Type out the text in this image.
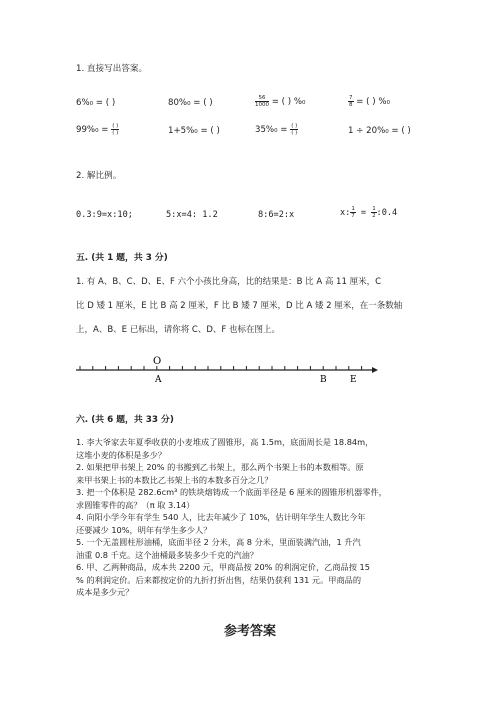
1. 直接写出答案。
6%₀ = ( )	80%₀ = ( )	$\frac{56}{1000}$ = ( ) %₀	$\frac{7}{8}$ = ( ) %₀
$99\%_0 = \frac{( )}{( )}$	1+5%₀ = ( )	$35\%_0 = \frac{( )}{( )}$	1 ÷ 20%₀ = ( )
2. 解比例。
0.3:9=x:10;	5:x=4: 1.2	8:6=2:x	x: $\frac{1}{7} = \frac{1}{2}$ :0.4
五. (共 1 题，共 3 分)
1. 有 A、B、C、D、E、F 六个小孩比身高，比的结果是：B 比 A 高 11 厘米，C
比 D 矮 1 厘米，E 比 B 高 2 厘米，F 比 B 矮 7 厘米，D 比 A 矮 2 厘米，在一条数轴
上，A、B、E 已标出，请你将 C、D、F 也标在图上。
O
A	B	E
六. (共 6 题，共 33 分)
1. 李大爷家去年夏季收获的小麦堆成了圆锥形，高 1.5m，底面周长是 18.84m，
这堆小麦的体积是多少？
2. 如果把甲书架上 20% 的书搬到乙书架上，那么两个书架上书的本数相等。原
来甲书架上书的本数比乙书架上书的本数多百分之几？
3. 把一个体积是 282.6cm³ 的铁块熔铸成一个底面半径是 6 厘米的圆锥形机器零件，
求圆锥零件的高？（π 取 3.14）
4. 向阳小学今年有学生 540 人，比去年减少了 10%，估计明年学生人数比今年
还要减少 10%，明年有学生多少人？
5. 一个无盖圆柱形油桶，底面半径 2 分米，高 8 分米，里面装满汽油，1 升汽
油重 0.8 千克。这个油桶最多装多少千克的汽油？
6. 甲、乙两种商品，成本共 2200 元，甲商品按 20% 的利润定价，乙商品按 15
% 的利润定价。后来都按定价的九折打折出售，结果仍获利 131 元。甲商品的
成本是多少元？
参考答案
